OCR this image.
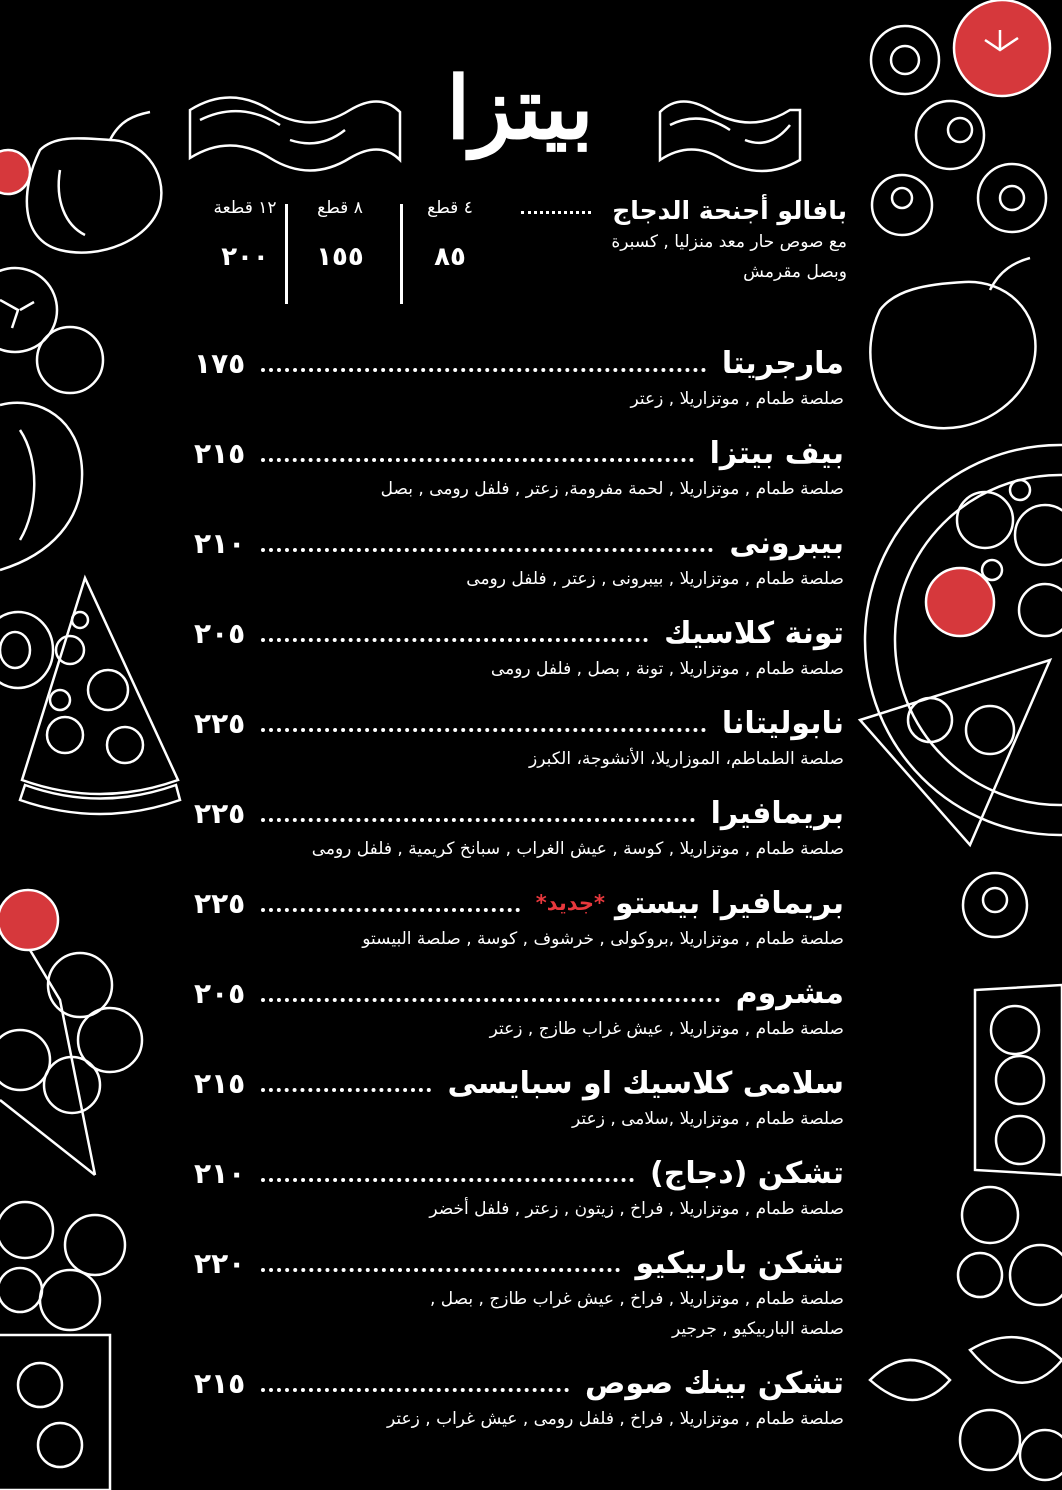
بيتزا
بافالو أجنحة الدجاج
مع صوص حار معد منزليا , كسبرة
وبصل مقرمش
١٢ قطعة
٢٠٠
٨ قطع
١٥٥
٤ قطع
٨٥
مارجريتا
١٧٥
صلصة طمام , موتزاريلا , زعتر
بيف بيتزا
٢١٥
صلصة طمام , موتزاريلا , لحمة مفرومة, زعتر , فلفل رومى , بصل
بيبرونى
٢١٠
صلصة طمام , موتزاريلا , بيبرونى , زعتر , فلفل رومى
تونة كلاسيك
٢٠٥
صلصة طمام , موتزاريلا , تونة , بصل , فلفل رومى
نابوليتانا
٢٢٥
صلصة الطماطم، الموزاريلا، الأنشوجة، الكبرز
بريمافيرا
٢٢٥
صلصة طمام , موتزاريلا , كوسة , عيش الغراب , سبانخ كريمية , فلفل رومى
بريمافيرا بيستو
*جديد*
٢٢٥
صلصة طمام , موتزاريلا ,بروكولى , خرشوف , كوسة , صلصة البيستو
مشروم
٢٠٥
صلصة طمام , موتزاريلا , عيش غراب طازج , زعتر
سلامى كلاسيك او سبايسى
٢١٥
صلصة طمام , موتزاريلا ,سلامى , زعتر
تشكن (دجاج)
٢١٠
صلصة طمام , موتزاريلا , فراخ , زيتون , زعتر , فلفل أخضر
تشكن باربيكيو
٢٢٠
صلصة طمام , موتزاريلا , فراخ , عيش غراب طازج , بصل ,
صلصة الباربيكيو , جرجير
تشكن بينك صوص
٢١٥
صلصة طمام , موتزاريلا , فراخ , فلفل رومى , عيش غراب , زعتر
